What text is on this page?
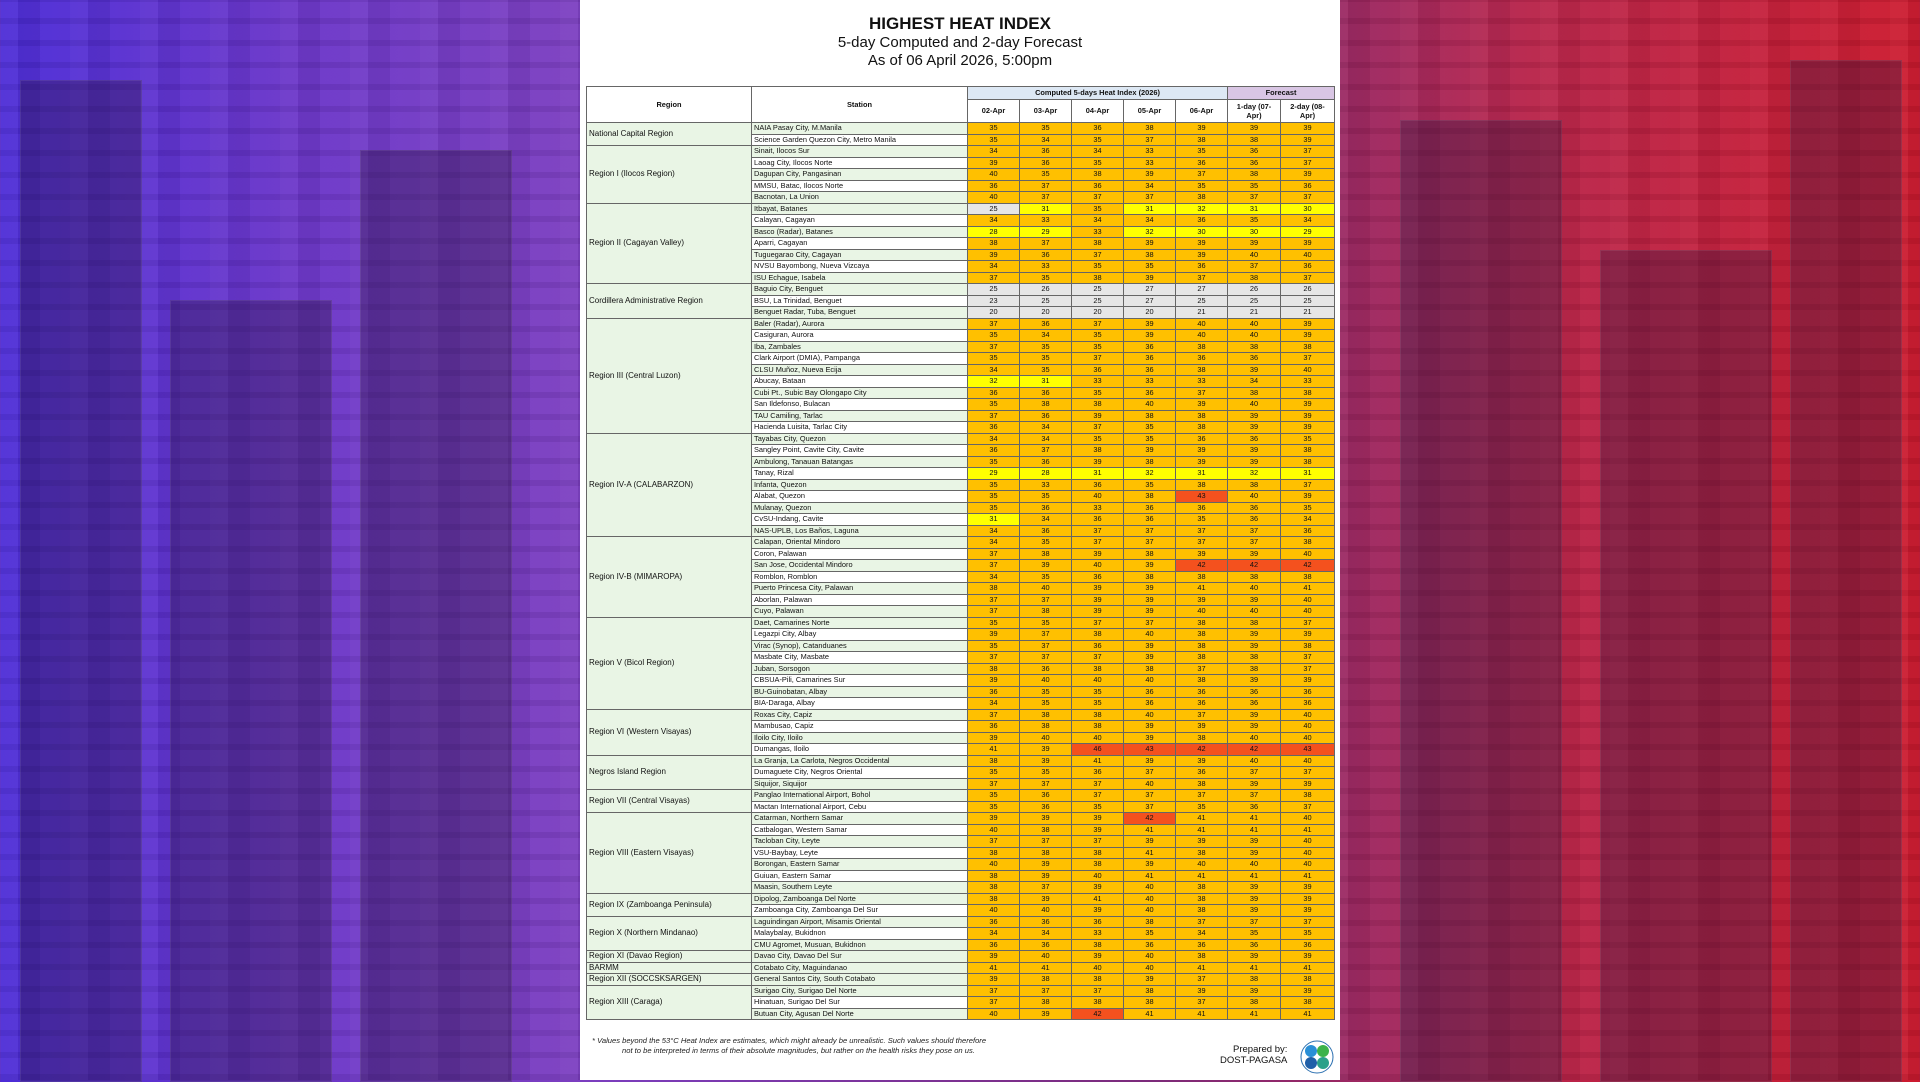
HIGHEST HEAT INDEX
5-day Computed and 2-day Forecast
As of 06 April 2026, 5:00pm
Region	Station	Computed 5-days Heat Index (2026)					Forecast	
		02-Apr	03-Apr	04-Apr	05-Apr	06-Apr	1-day (07-Apr)	2-day (08-Apr)
National Capital Region	NAIA Pasay City, M.Manila	35	35	36	38	39	39	39
	Science Garden Quezon City, Metro Manila	35	34	35	37	38	38	39
Region I (Ilocos Region)	Sinait, Ilocos Sur	34	36	34	33	35	36	37
	Laoag City, Ilocos Norte	39	36	35	33	36	36	37
	Dagupan City, Pangasinan	40	35	38	39	37	38	39
	MMSU, Batac, Ilocos Norte	36	37	36	34	35	35	36
	Bacnotan, La Union	40	37	37	37	38	37	37
Region II (Cagayan Valley)	Itbayat, Batanes	25	31	35	31	32	31	30
	Calayan, Cagayan	34	33	34	34	36	35	34
	Basco (Radar), Batanes	28	29	33	32	30	30	29
	Aparri, Cagayan	38	37	38	39	39	39	39
	Tuguegarao City, Cagayan	39	36	37	38	39	40	40
	NVSU Bayombong, Nueva Vizcaya	34	33	35	35	36	37	36
	ISU Echague, Isabela	37	35	38	39	37	38	37
Cordillera Administrative Region	Baguio City, Benguet	25	26	25	27	27	26	26
	BSU, La Trinidad, Benguet	23	25	25	27	25	25	25
	Benguet Radar, Tuba, Benguet	20	20	20	20	21	21	21
Region III (Central Luzon)	Baler (Radar), Aurora	37	36	37	39	40	40	39
	Casiguran, Aurora	35	34	35	39	40	40	39
	Iba, Zambales	37	35	35	36	38	38	38
	Clark Airport (DMIA), Pampanga	35	35	37	36	36	36	37
	CLSU Muñoz, Nueva Ecija	34	35	36	36	38	39	40
	Abucay, Bataan	32	31	33	33	33	34	33
	Cubi Pt., Subic Bay Olongapo City	36	36	35	36	37	38	38
	San Ildefonso, Bulacan	35	38	38	40	39	40	39
	TAU Camiling, Tarlac	37	36	39	38	38	39	39
	Hacienda Luisita, Tarlac City	36	34	37	35	38	39	39
Region IV-A (CALABARZON)	Tayabas City, Quezon	34	34	35	35	36	36	35
	Sangley Point, Cavite City, Cavite	36	37	38	39	39	39	38
	Ambulong, Tanauan Batangas	35	36	39	38	39	39	38
	Tanay, Rizal	29	28	31	32	31	32	31
	Infanta, Quezon	35	33	36	35	38	38	37
	Alabat, Quezon	35	35	40	38	43	40	39
	Mulanay, Quezon	35	36	33	36	36	36	35
	CvSU-Indang, Cavite	31	34	36	36	35	36	34
	NAS-UPLB, Los Baños, Laguna	34	36	37	37	37	37	36
Region IV-B (MIMAROPA)	Calapan, Oriental Mindoro	34	35	37	37	37	37	38
	Coron, Palawan	37	38	39	38	39	39	40
	San Jose, Occidental Mindoro	37	39	40	39	42	42	42
	Romblon, Romblon	34	35	36	38	38	38	38
	Puerto Princesa City, Palawan	38	40	39	39	41	40	41
	Aborlan, Palawan	37	37	39	39	39	39	40
	Cuyo, Palawan	37	38	39	39	40	40	40
Region V (Bicol Region)	Daet, Camarines Norte	35	35	37	37	38	38	37
	Legazpi City, Albay	39	37	38	40	38	39	39
	Virac (Synop), Catanduanes	35	37	36	39	38	39	38
	Masbate City, Masbate	37	37	37	39	38	38	37
	Juban, Sorsogon	38	36	38	38	37	38	37
	CBSUA-Pili, Camarines Sur	39	40	40	40	38	39	39
	BU-Guinobatan, Albay	36	35	35	36	36	36	36
	BIA-Daraga, Albay	34	35	35	36	36	36	36
Region VI (Western Visayas)	Roxas City, Capiz	37	38	38	40	37	39	40
	Mambusao, Capiz	36	38	38	39	39	39	40
	Iloilo City, Iloilo	39	40	40	39	38	40	40
	Dumangas, Iloilo	41	39	46	43	42	42	43
Negros Island Region	La Granja, La Carlota, Negros Occidental	38	39	41	39	39	40	40
	Dumaguete City, Negros Oriental	35	35	36	37	36	37	37
	Siquijor, Siquijor	37	37	37	40	38	39	39
Region VII (Central Visayas)	Panglao International Airport, Bohol	35	36	37	37	37	37	38
	Mactan International Airport, Cebu	35	36	35	37	35	36	37
Region VIII (Eastern Visayas)	Catarman, Northern Samar	39	39	39	42	41	41	40
	Catbalogan, Western Samar	40	38	39	41	41	41	41
	Tacloban City, Leyte	37	37	37	39	39	39	40
	VSU-Baybay, Leyte	38	38	38	41	38	39	40
	Borongan, Eastern Samar	40	39	38	39	40	40	40
	Guiuan, Eastern Samar	38	39	40	41	41	41	41
	Maasin, Southern Leyte	38	37	39	40	38	39	39
Region IX (Zamboanga Peninsula)	Dipolog, Zamboanga Del Norte	38	39	41	40	38	39	39
	Zamboanga City, Zamboanga Del Sur	40	40	39	40	38	39	39
Region X (Northern Mindanao)	Laguindingan Airport, Misamis Oriental	36	36	36	38	37	37	37
	Malaybalay, Bukidnon	34	34	33	35	34	35	35
	CMU Agromet, Musuan, Bukidnon	36	36	38	36	36	36	36
Region XI (Davao Region)	Davao City, Davao Del Sur	39	40	39	40	38	39	39
BARMM	Cotabato City, Maguindanao	41	41	40	40	41	41	41
Region XII (SOCCSKSARGEN)	General Santos City, South Cotabato	39	38	38	39	37	38	38
Region XIII (Caraga)	Surigao City, Surigao Del Norte	37	37	37	38	39	39	39
	Hinatuan, Surigao Del Sur	37	38	38	38	37	38	38
	Butuan City, Agusan Del Norte	40	39	42	41	41	41	41
* Values beyond the 53°C Heat Index are estimates, which might already be unrealistic. Such values should therefore
not to be interpreted in terms of their absolute magnitudes, but rather on the health risks they pose on us.	Prepared by:
DOST-PAGASA
